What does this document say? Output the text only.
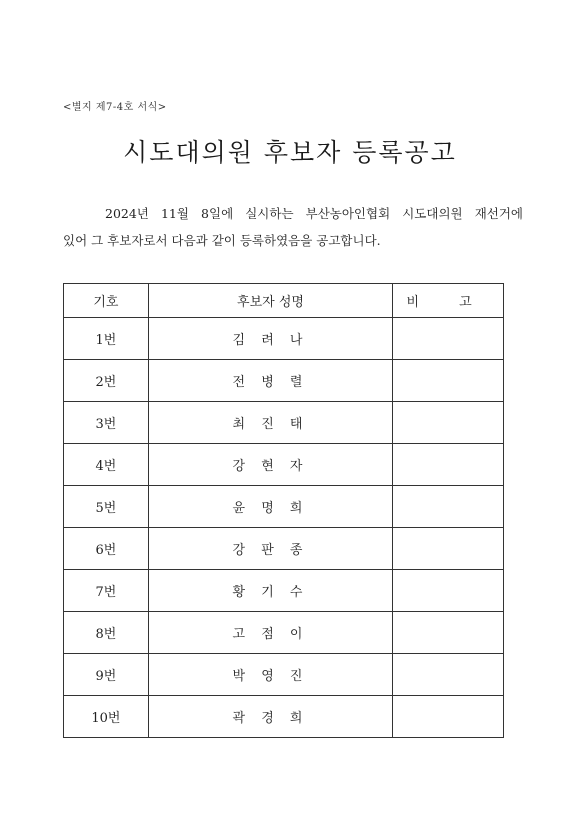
<별지 제7-4호 서식>
시도대의원 후보자 등록공고
2024년 11월 8일에 실시하는 부산농아인협회 시도대의원 재선거에
있어 그 후보자로서 다음과 같이 등록하였음을 공고합니다.
기호	후보자 성명	비 고
1번	김 려 나	
2번	전 병 렬	
3번	최 진 태	
4번	강 현 자	
5번	윤 명 희	
6번	강 판 종	
7번	황 기 수	
8번	고 점 이	
9번	박 영 진	
10번	곽 경 희	
